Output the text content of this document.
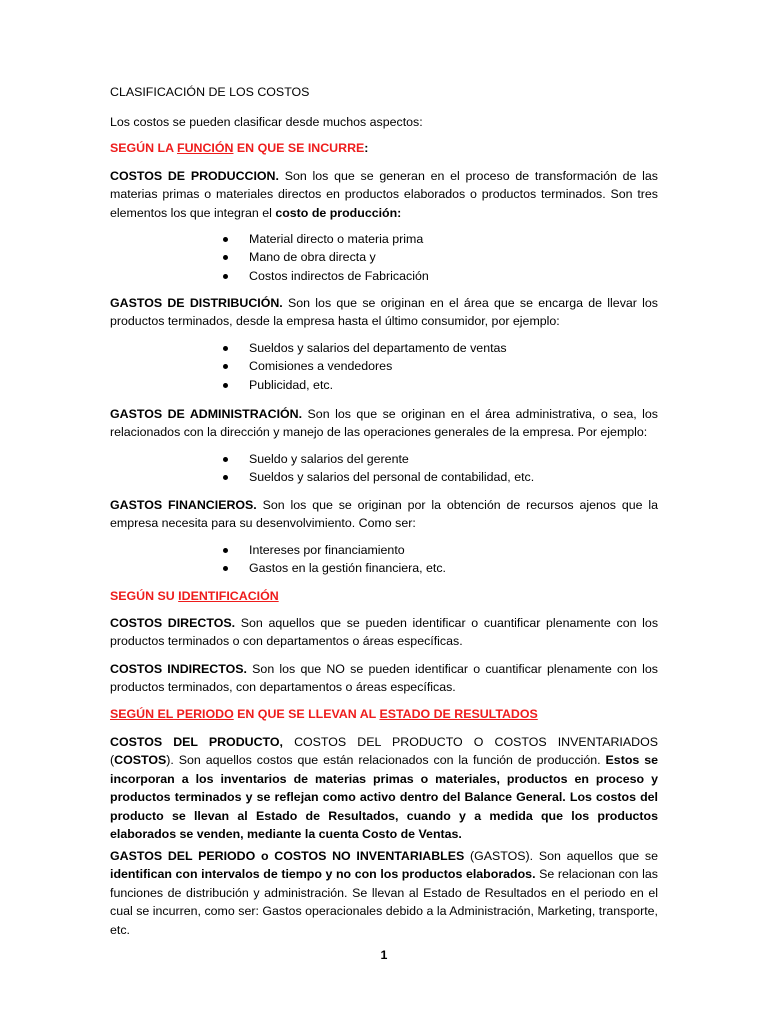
CLASIFICACIÓN DE LOS COSTOS
Los costos se pueden clasificar desde muchos aspectos:
SEGÚN LA FUNCIÓN EN QUE SE INCURRE:
COSTOS DE PRODUCCION. Son los que se generan en el proceso de transformación de las materias primas o materiales directos en productos elaborados o productos terminados. Son tres elementos los que integran el costo de producción:
Material directo o materia prima
Mano de obra directa y
Costos indirectos de Fabricación
GASTOS DE DISTRIBUCIÓN. Son los que se originan en el área que se encarga de llevar los productos terminados, desde la empresa hasta el último consumidor, por ejemplo:
Sueldos y salarios del departamento de ventas
Comisiones a vendedores
Publicidad, etc.
GASTOS DE ADMINISTRACIÓN. Son los que se originan en el área administrativa, o sea, los relacionados con la dirección y manejo de las operaciones generales de la empresa. Por ejemplo:
Sueldo y salarios del gerente
Sueldos y salarios del personal de contabilidad, etc.
GASTOS FINANCIEROS. Son los que se originan por la obtención de recursos ajenos que la empresa necesita para su desenvolvimiento. Como ser:
Intereses por financiamiento
Gastos en la gestión financiera, etc.
SEGÚN SU IDENTIFICACIÓN
COSTOS DIRECTOS. Son aquellos que se pueden identificar o cuantificar plenamente con los productos terminados o con departamentos o áreas específicas.
COSTOS INDIRECTOS. Son los que NO se pueden identificar o cuantificar plenamente con los productos terminados, con departamentos o áreas específicas.
SEGÚN EL PERIODO EN QUE SE LLEVAN AL ESTADO DE RESULTADOS
COSTOS DEL PRODUCTO, COSTOS DEL PRODUCTO O COSTOS INVENTARIADOS (COSTOS). Son aquellos costos que están relacionados con la función de producción. Estos se incorporan a los inventarios de materias primas o materiales, productos en proceso y productos terminados y se reflejan como activo dentro del Balance General. Los costos del producto se llevan al Estado de Resultados, cuando y a medida que los productos elaborados se venden, mediante la cuenta Costo de Ventas.
GASTOS DEL PERIODO o COSTOS NO INVENTARIABLES (GASTOS). Son aquellos que se identifican con intervalos de tiempo y no con los productos elaborados. Se relacionan con las funciones de distribución y administración. Se llevan al Estado de Resultados en el periodo en el cual se incurren, como ser: Gastos operacionales debido a la Administración, Marketing, transporte, etc.
1
